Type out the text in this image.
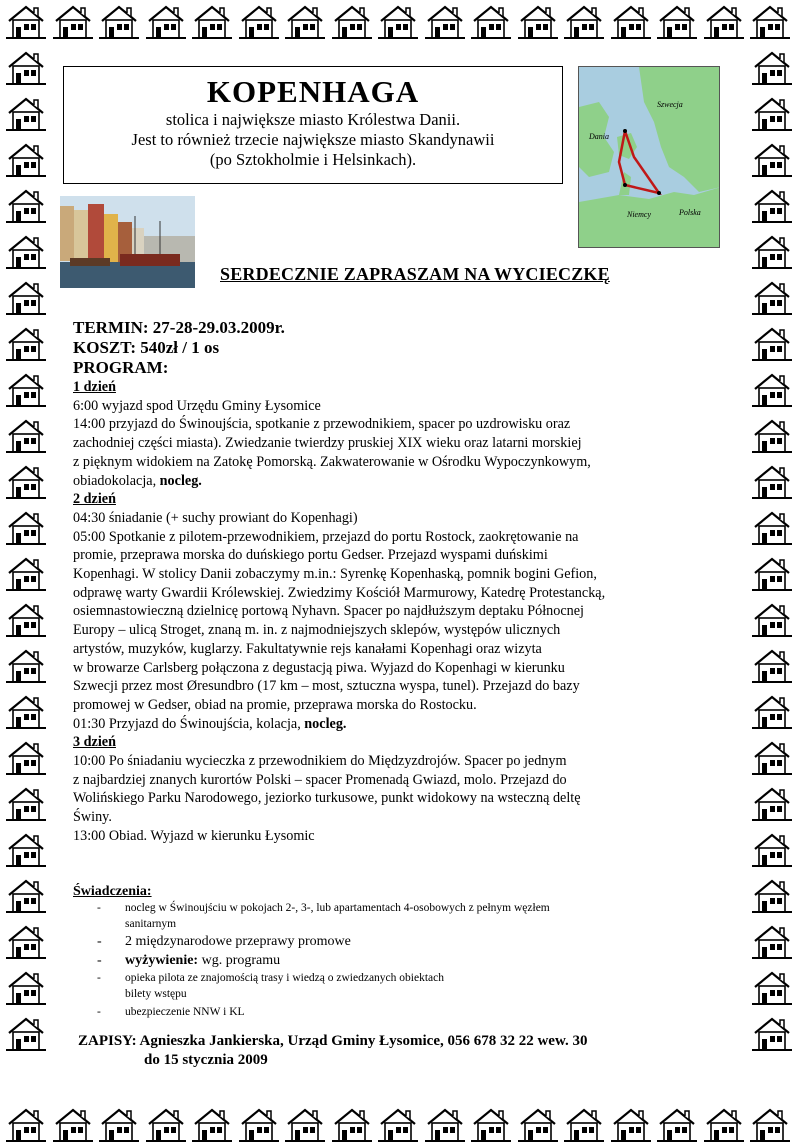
KOPENHAGA
stolica i największe miasto Królestwa Danii.
Jest to również trzecie największe miasto Skandynawii
(po Sztokholmie i Helsinkach).
Szwecja
Dania
Niemcy	Polska
SERDECZNIE ZAPRASZAM NA WYCIECZKĘ
TERMIN: 27-28-29.03.2009r.
KOSZT: 540zł / 1 os
PROGRAM:
1 dzień

6:00 wyjazd spod Urzędu Gminy Łysomice

14:00 przyjazd do Świnoujścia, spotkanie z przewodnikiem, spacer po uzdrowisku oraz

zachodniej części miasta). Zwiedzanie twierdzy pruskiej XIX wieku oraz latarni morskiej

z pięknym widokiem na Zatokę Pomorską. Zakwaterowanie w Ośrodku Wypoczynkowym,

obiadokolacja, nocleg.

2 dzień

04:30 śniadanie (+ suchy prowiant do Kopenhagi)

05:00 Spotkanie z pilotem-przewodnikiem, przejazd do portu Rostock, zaokrętowanie na

promie, przeprawa morska do duńskiego portu Gedser. Przejazd wyspami duńskimi

Kopenhagi. W stolicy Danii zobaczymy m.in.: Syrenkę Kopenhaską, pomnik bogini Gefion,

odprawę warty Gwardii Królewskiej. Zwiedzimy Kościół Marmurowy, Katedrę Protestancką,

osiemnastowieczną dzielnicę portową Nyhavn. Spacer po najdłuższym deptaku Północnej

Europy – ulicą Stroget, znaną m. in. z najmodniejszych sklepów, występów ulicznych

artystów, muzyków, kuglarzy. Fakultatywnie rejs kanałami Kopenhagi oraz wizyta

w browarze Carlsberg połączona z degustacją piwa. Wyjazd do Kopenhagi w kierunku

Szwecji przez most Øresundbro (17 km – most, sztuczna wyspa, tunel). Przejazd do bazy

promowej w Gedser, obiad na promie, przeprawa morska do Rostocku.

01:30 Przyjazd do Świnoujścia, kolacja, nocleg.

3 dzień

10:00 Po śniadaniu wycieczka z przewodnikiem do Międzyzdrojów. Spacer po jednym

z najbardziej znanych kurortów Polski – spacer Promenadą Gwiazd, molo. Przejazd do

Wolińskiego Parku Narodowego, jeziorko turkusowe, punkt widokowy na wsteczną deltę

Świny.

13:00 Obiad. Wyjazd w kierunku Łysomic

Świadczenia:
- nocleg w Świnoujściu w pokojach 2-, 3-, lub apartamentach 4-osobowych z pełnym węzłem
sanitarnym
- 2 międzynarodowe przeprawy promowe
- wyżywienie: wg. programu
- opieka pilota ze znajomością trasy i wiedzą o zwiedzanych obiektach
bilety wstępu
- ubezpieczenie NNW i KL
ZAPISY: Agnieszka Jankierska, Urząd Gminy Łysomice, 056 678 32 22 wew. 30
do 15 stycznia 2009
